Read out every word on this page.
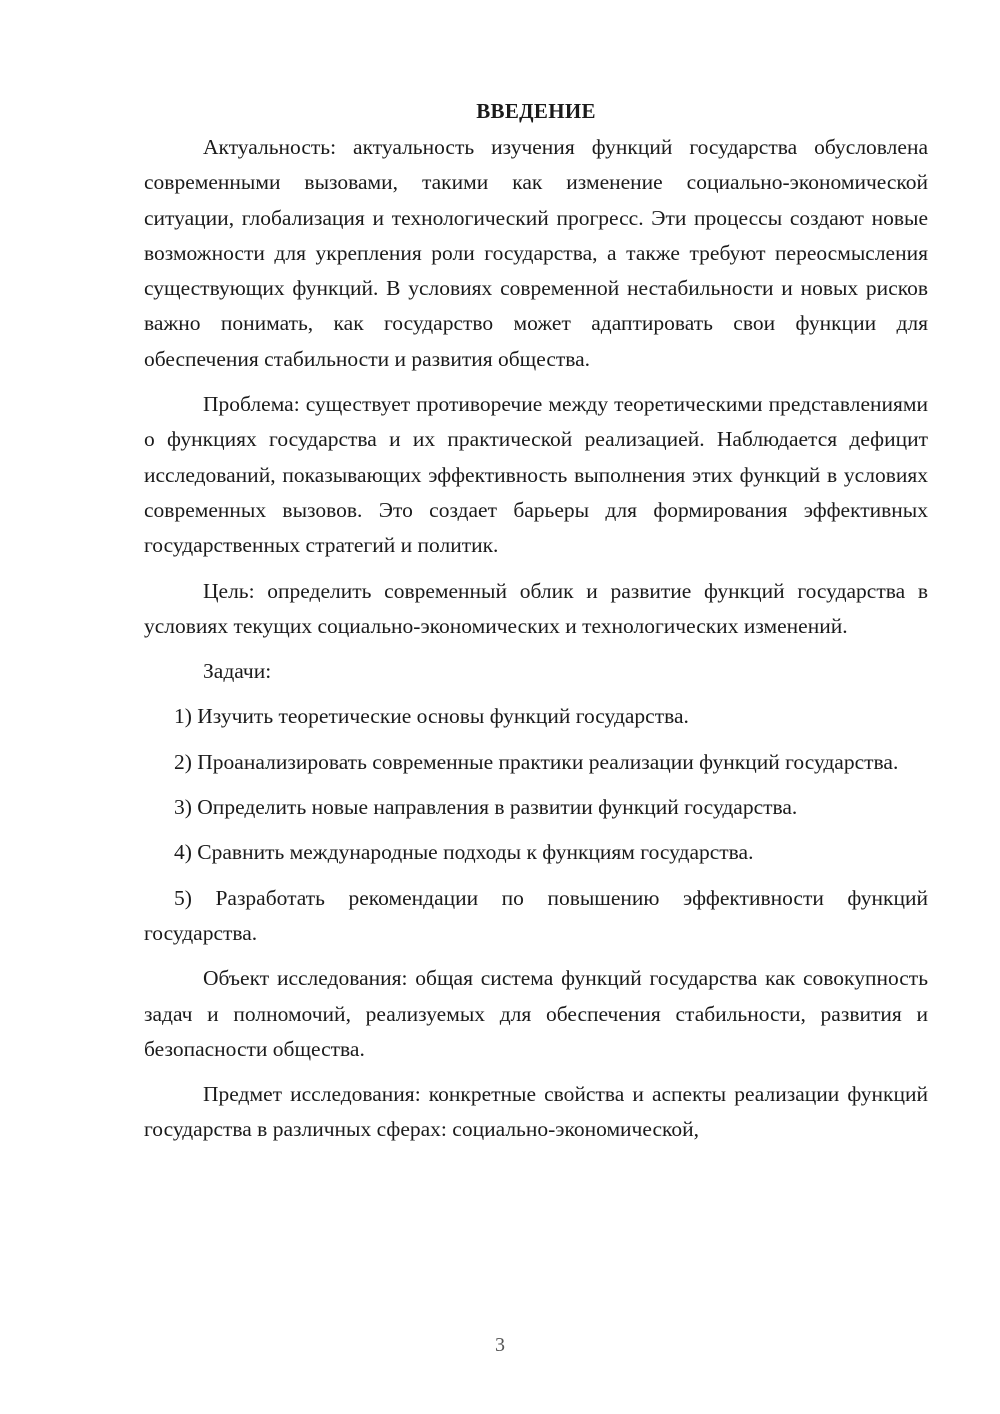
ВВЕДЕНИЕ

Актуальность: актуальность изучения функций государства обусловлена современными вызовами, такими как изменение социально-экономической ситуации, глобализация и технологический прогресс. Эти процессы создают новые возможности для укрепления роли государства, а также требуют переосмысления существующих функций. В условиях современной нестабильности и новых рисков важно понимать, как государство может адаптировать свои функции для обеспечения стабильности и развития общества.

Проблема: существует противоречие между теоретическими представлениями о функциях государства и их практической реализацией. Наблюдается дефицит исследований, показывающих эффективность выполнения этих функций в условиях современных вызовов. Это создает барьеры для формирования эффективных государственных стратегий и политик.

Цель: определить современный облик и развитие функций государства в условиях текущих социально-экономических и технологических изменений.

Задачи:

1) Изучить теоретические основы функций государства.

2) Проанализировать современные практики реализации функций государства.

3) Определить новые направления в развитии функций государства.

4) Сравнить международные подходы к функциям государства.

5) Разработать рекомендации по повышению эффективности функций государства.

Объект исследования: общая система функций государства как совокупность задач и полномочий, реализуемых для обеспечения стабильности, развития и безопасности общества.

Предмет исследования: конкретные свойства и аспекты реализации функций государства в различных сферах: социально-экономической,

3
